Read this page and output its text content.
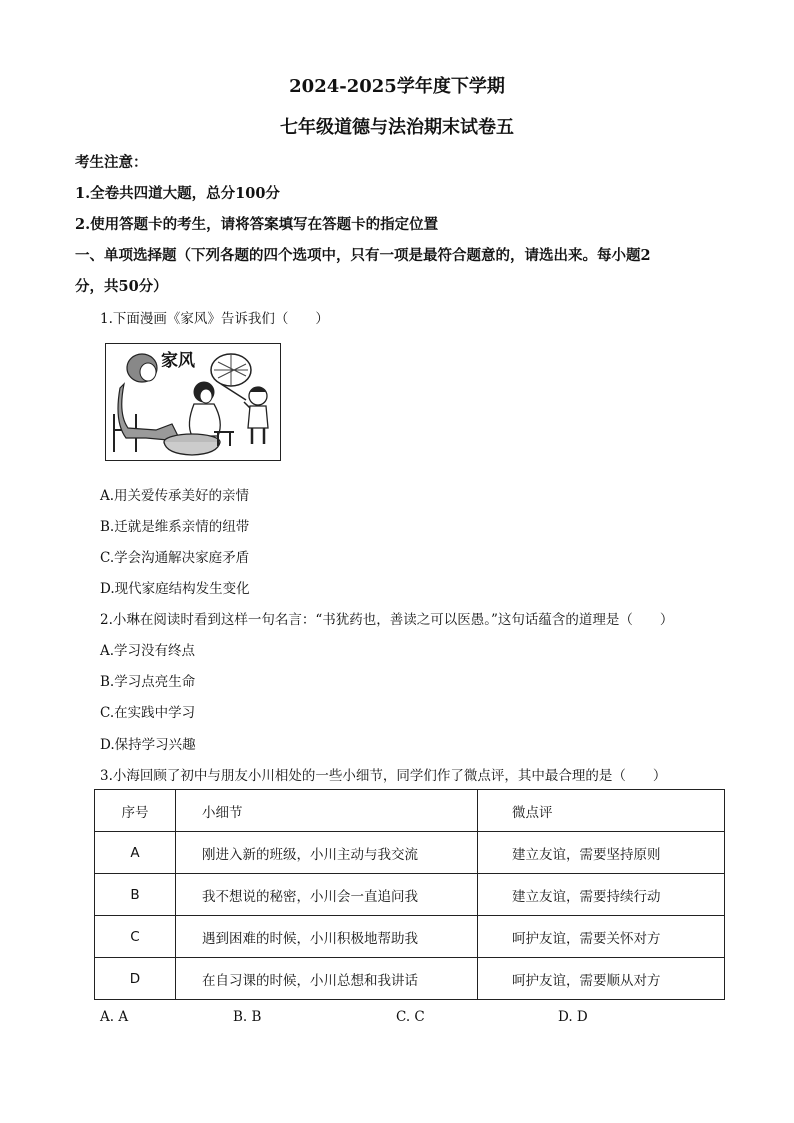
2024-2025学年度下学期
七年级道德与法治期末试卷五
考生注意：
1.全卷共四道大题，总分100分
2.使用答题卡的考生，请将答案填写在答题卡的指定位置
一、单项选择题（下列各题的四个选项中，只有一项是最符合题意的，请选出来。每小题2
分，共50分）
1.下面漫画《家风》告诉我们（　　）
家风
A.用关爱传承美好的亲情
B.迁就是维系亲情的纽带
C.学会沟通解决家庭矛盾
D.现代家庭结构发生变化
2.小琳在阅读时看到这样一句名言：“书犹药也，善读之可以医愚。”这句话蕴含的道理是（　　）
A.学习没有终点
B.学习点亮生命
C.在实践中学习
D.保持学习兴趣
3.小海回顾了初中与朋友小川相处的一些小细节，同学们作了微点评，其中最合理的是（　　）
序号	小细节	微点评
A	刚进入新的班级，小川主动与我交流	建立友谊，需要坚持原则
B	我不想说的秘密，小川会一直追问我	建立友谊，需要持续行动
C	遇到困难的时候，小川积极地帮助我	呵护友谊，需要关怀对方
D	在自习课的时候，小川总想和我讲话	呵护友谊，需要顺从对方
A. A	B. B	C. C	D. D
